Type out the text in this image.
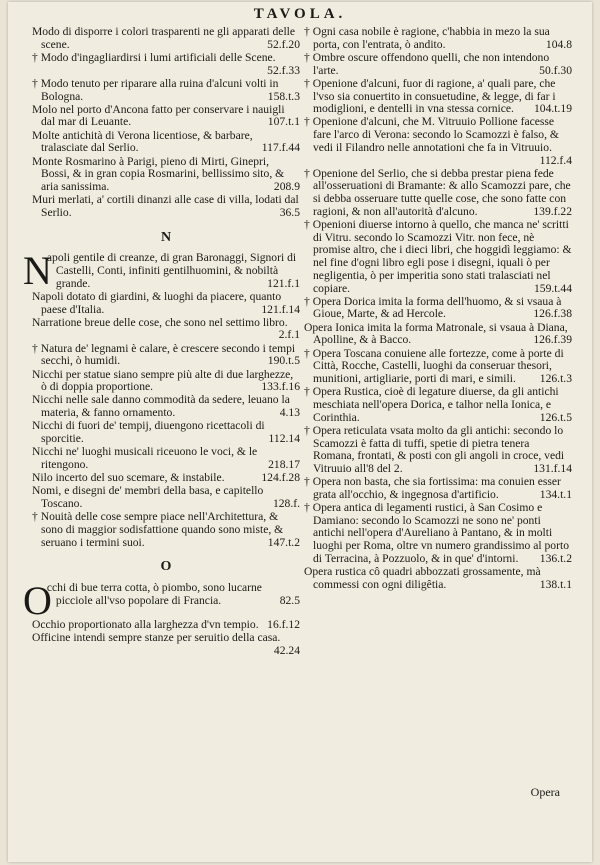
TAVOLA.
Modo di disporre i colori trasparenti ne gli apparati delle scene.	52.f.20
† Modo d'ingagliardirsi i lumi artificiali delle Scene.
52.f.33
† Modo tenuto per riparare alla ruina d'alcuni volti in Bologna.	158.t.3
Molo nel porto d'Ancona fatto per conservare i nauigli dal mar di Leuante.	107.t.1
Molte antichità di Verona licentiose, & barbare, tralasciate dal Serlio.	117.f.44
Monte Rosmarino à Parigi, pieno di Mirti, Ginepri, Bossi, & in gran copia Rosmarini, bellissimo sito, & aria sanissima.	208.9
Muri merlati, a' cortili dinanzi alle case di villa, lodati dal Serlio.	36.5
N
N
apoli gentile di creanze, di gran Baronaggi, Signori di Castelli, Conti, infiniti gentilhuomini, & nobiltà grande.	121.f.1
Napoli dotato di giardini, & luoghi da piacere, quanto paese d'Italia.	121.f.14
Narratione breue delle cose, che sono nel settimo libro.
2.f.1
† Natura de' legnami è calare, è crescere secondo i tempi secchi, ò humidi.	190.t.5
Nicchi per statue siano sempre più alte di due larghezze, ò di doppia proportione.	133.f.16
Nicchi nelle sale danno commodità da sedere, leuano la materia, & fanno ornamento.	4.13
Nicchi di fuori de' tempij, diuengono ricettacoli di sporcitie.	112.14
Nicchi ne' luoghi musicali riceuono le voci, & le ritengono.	218.17
Nilo incerto del suo scemare, & instabile.	124.f.28
Nomi, e disegni de' membri della basa, e capitello Toscano.	128.f.
† Nouità delle cose sempre piace nell'Architettura, & sono di maggior sodisfattione quando sono miste, & seruano i termini suoi.	147.t.2
O
O
cchi di bue terra cotta, ò piombo, sono lucarne picciole all'vso popolare di Francia.	82.5
Occhio proportionato alla larghezza d'vn tempio. 16.f.12
Officine intendi sempre stanze per seruitio della casa.
42.24
† Ogni casa nobile è ragione, c'habbia in mezo la sua porta, con l'entrata, ò andito.	104.8
† Ombre oscure offendono quelli, che non intendono l'arte.	50.f.30
† Openione d'alcuni, fuor di ragione, a' quali pare, che l'vso sia conuertito in consuetudine, & legge, di far i modiglioni, e dentelli in vna stessa cornice. 104.t.19
† Openione d'alcuni, che M. Vitruuio Pollione facesse fare l'arco di Verona: secondo lo Scamozzi è falso, & vedi il Filandro nelle annotationi che fa in Vitruuio.
112.f.4
† Openione del Serlio, che si debba prestar piena fede all'osseruationi di Bramante: & allo Scamozzi pare, che si debba osseruare tutte quelle cose, che sono fatte con ragioni, & non all'autorità d'alcuno.	139.f.22
† Openioni diuerse intorno à quello, che manca ne' scritti di Vitru. secondo lo Scamozzi Vitr. non fece, nè promise altro, che i dieci libri, che hoggidì leggiamo: & nel fine d'ogni libro egli pose i disegni, iquali ò per negligentia, ò per imperitia sono stati tralasciati nel copiare.	159.t.44
† Opera Dorica imita la forma dell'huomo, & si vsaua à Gioue, Marte, & ad Hercole.	126.f.38
Opera Ionica imita la forma Matronale, si vsaua à Diana, Apolline, & à Bacco.	126.f.39
† Opera Toscana conuiene alle fortezze, come à porte di Città, Rocche, Castelli, luoghi da conseruar thesori, munitioni, artigliarie, porti di mari, e simili. 126.t.3
† Opera Rustica, cioè di legature diuerse, da gli antichi meschiata nell'opera Dorica, e talhor nella Ionica, e Corinthia.	126.t.5
† Opera reticulata vsata molto da gli antichi: secondo lo Scamozzi è fatta di tuffi, spetie di pietra tenera Romana, frontati, & posti con gli angoli in croce, vedi Vitruuio all'8 del 2.	131.f.14
† Opera non basta, che sia fortissima: ma conuien esser grata all'occhio, & ingegnosa d'artificio.	134.t.1
† Opera antica di legamenti rustici, à San Cosimo e Damiano: secondo lo Scamozzi ne sono ne' ponti antichi nell'opera d'Aureliano à Pantano, & in molti luoghi per Roma, oltre vn numero grandissimo al porto di Terracina, à Pozzuolo, & in que' d'intorni. 136.t.2
Opera rustica cô quadri abbozzati grossamente, mà commessi con ogni diligêtia.	138.t.1
Opera
